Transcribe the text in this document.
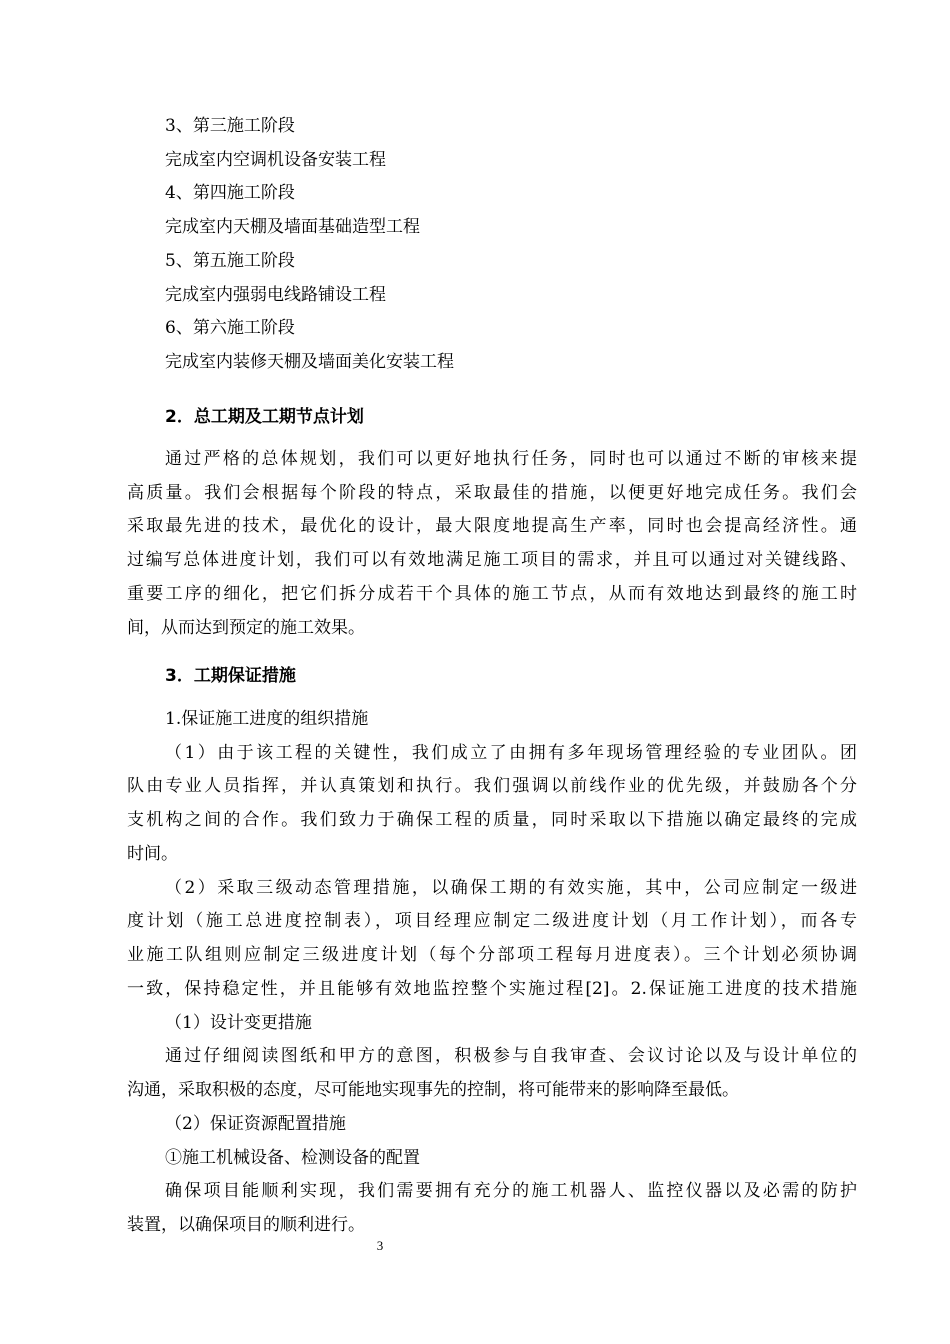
3、第三施工阶段
完成室内空调机设备安装工程
4、第四施工阶段
完成室内天棚及墙面基础造型工程
5、第五施工阶段
完成室内强弱电线路铺设工程
6、第六施工阶段
完成室内装修天棚及墙面美化安装工程
2．总工期及工期节点计划
通过严格的总体规划，我们可以更好地执行任务，同时也可以通过不断的审核来提
高质量。我们会根据每个阶段的特点，采取最佳的措施，以便更好地完成任务。我们会
采取最先进的技术，最优化的设计，最大限度地提高生产率，同时也会提高经济性。通
过编写总体进度计划，我们可以有效地满足施工项目的需求，并且可以通过对关键线路、
重要工序的细化，把它们拆分成若干个具体的施工节点，从而有效地达到最终的施工时
间，从而达到预定的施工效果。
3．工期保证措施
1.保证施工进度的组织措施
（1）由于该工程的关键性，我们成立了由拥有多年现场管理经验的专业团队。团
队由专业人员指挥，并认真策划和执行。我们强调以前线作业的优先级，并鼓励各个分
支机构之间的合作。我们致力于确保工程的质量，同时采取以下措施以确定最终的完成
时间。
（2）采取三级动态管理措施，以确保工期的有效实施，其中，公司应制定一级进
度计划（施工总进度控制表），项目经理应制定二级进度计划（月工作计划），而各专
业施工队组则应制定三级进度计划（每个分部项工程每月进度表）。三个计划必须协调
一致，保持稳定性，并且能够有效地监控整个实施过程[2]。2.保证施工进度的技术措施
（1）设计变更措施
通过仔细阅读图纸和甲方的意图，积极参与自我审查、会议讨论以及与设计单位的
沟通，采取积极的态度，尽可能地实现事先的控制，将可能带来的影响降至最低。
（2）保证资源配置措施
①施工机械设备、检测设备的配置
确保项目能顺利实现，我们需要拥有充分的施工机器人、监控仪器以及必需的防护
装置，以确保项目的顺利进行。
3
